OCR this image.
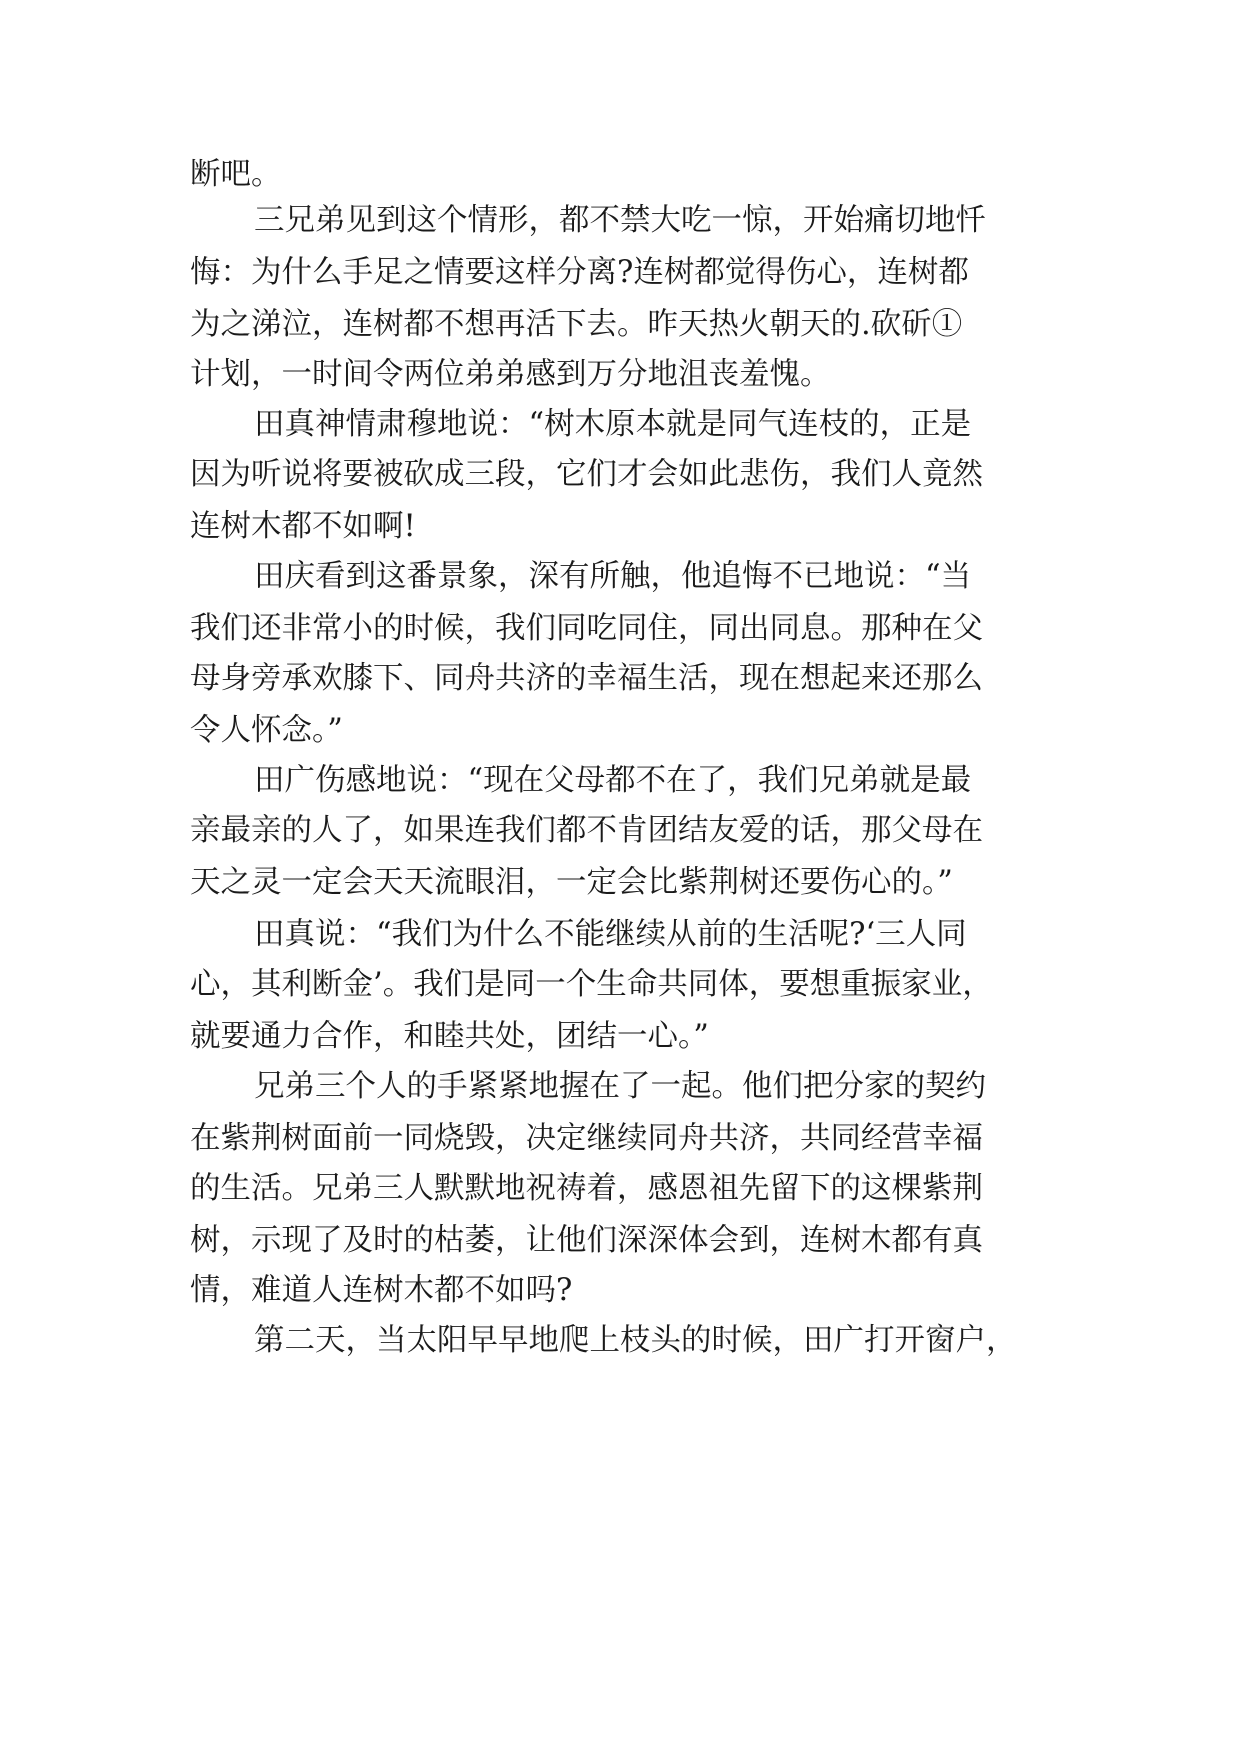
断吧。
三兄弟见到这个情形，都不禁大吃一惊，开始痛切地忏
悔：为什么手足之情要这样分离?连树都觉得伤心，连树都
为之涕泣，连树都不想再活下去。昨天热火朝天的.砍斫①
计划，一时间令两位弟弟感到万分地沮丧羞愧。
田真神情肃穆地说：“树木原本就是同气连枝的，正是
因为听说将要被砍成三段，它们才会如此悲伤，我们人竟然
连树木都不如啊!
田庆看到这番景象，深有所触，他追悔不已地说：“当
我们还非常小的时候，我们同吃同住，同出同息。那种在父
母身旁承欢膝下、同舟共济的幸福生活，现在想起来还那么
令人怀念。”
田广伤感地说：“现在父母都不在了，我们兄弟就是最
亲最亲的人了，如果连我们都不肯团结友爱的话，那父母在
天之灵一定会天天流眼泪，一定会比紫荆树还要伤心的。”
田真说：“我们为什么不能继续从前的生活呢?‘三人同
心，其利断金’。我们是同一个生命共同体，要想重振家业，
就要通力合作，和睦共处，团结一心。”
兄弟三个人的手紧紧地握在了一起。他们把分家的契约
在紫荆树面前一同烧毁，决定继续同舟共济，共同经营幸福
的生活。兄弟三人默默地祝祷着，感恩祖先留下的这棵紫荆
树，示现了及时的枯萎，让他们深深体会到，连树木都有真
情，难道人连树木都不如吗?
第二天，当太阳早早地爬上枝头的时候，田广打开窗户，
